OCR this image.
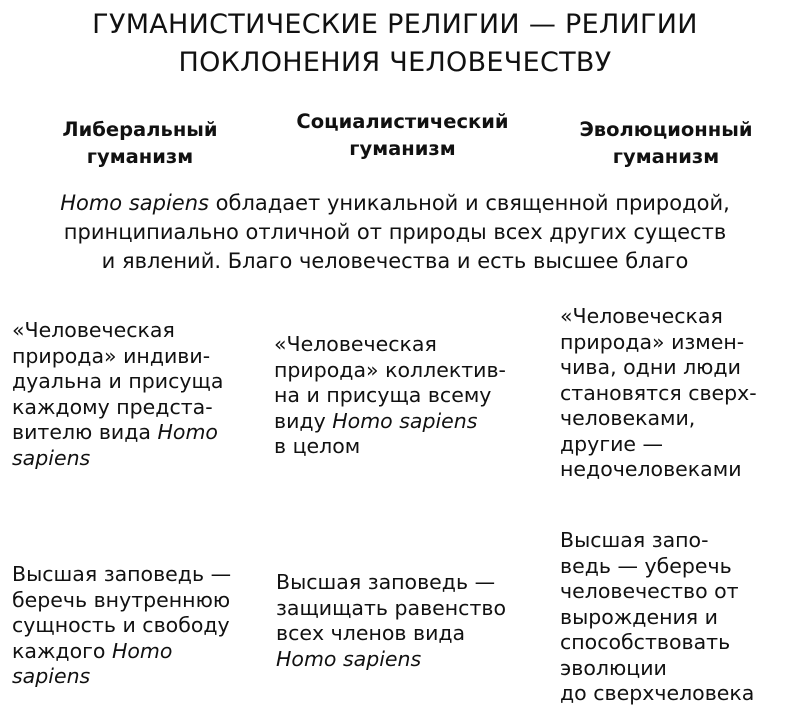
ГУМАНИСТИЧЕСКИЕ РЕЛИГИИ — РЕЛИГИИ
ПОКЛОНЕНИЯ ЧЕЛОВЕЧЕСТВУ
Либеральный
гуманизм
Социалистический
гуманизм
Эволюционный
гуманизм
Homo sapiens обладает уникальной и священной природой,
принципиально отличной от природы всех других существ
и явлений. Благо человечества и есть высшее благо
«Человеческая
природа» индиви-
дуальна и присуща
каждому предста-
вителю вида Homo
sapiens
«Человеческая
природа» коллектив-
на и присуща всему
виду Homo sapiens
в целом
«Человеческая
природа» измен-
чива, одни люди
становятся сверх-
человеками,
другие —
недочеловеками
Высшая заповедь —
беречь внутреннюю
сущность и свободу
каждого Homo
sapiens
Высшая заповедь —
защищать равенство
всех членов вида
Homo sapiens
Высшая запо-
ведь — уберечь
человечество от
вырождения и
способствовать
эволюции
до сверхчеловека
